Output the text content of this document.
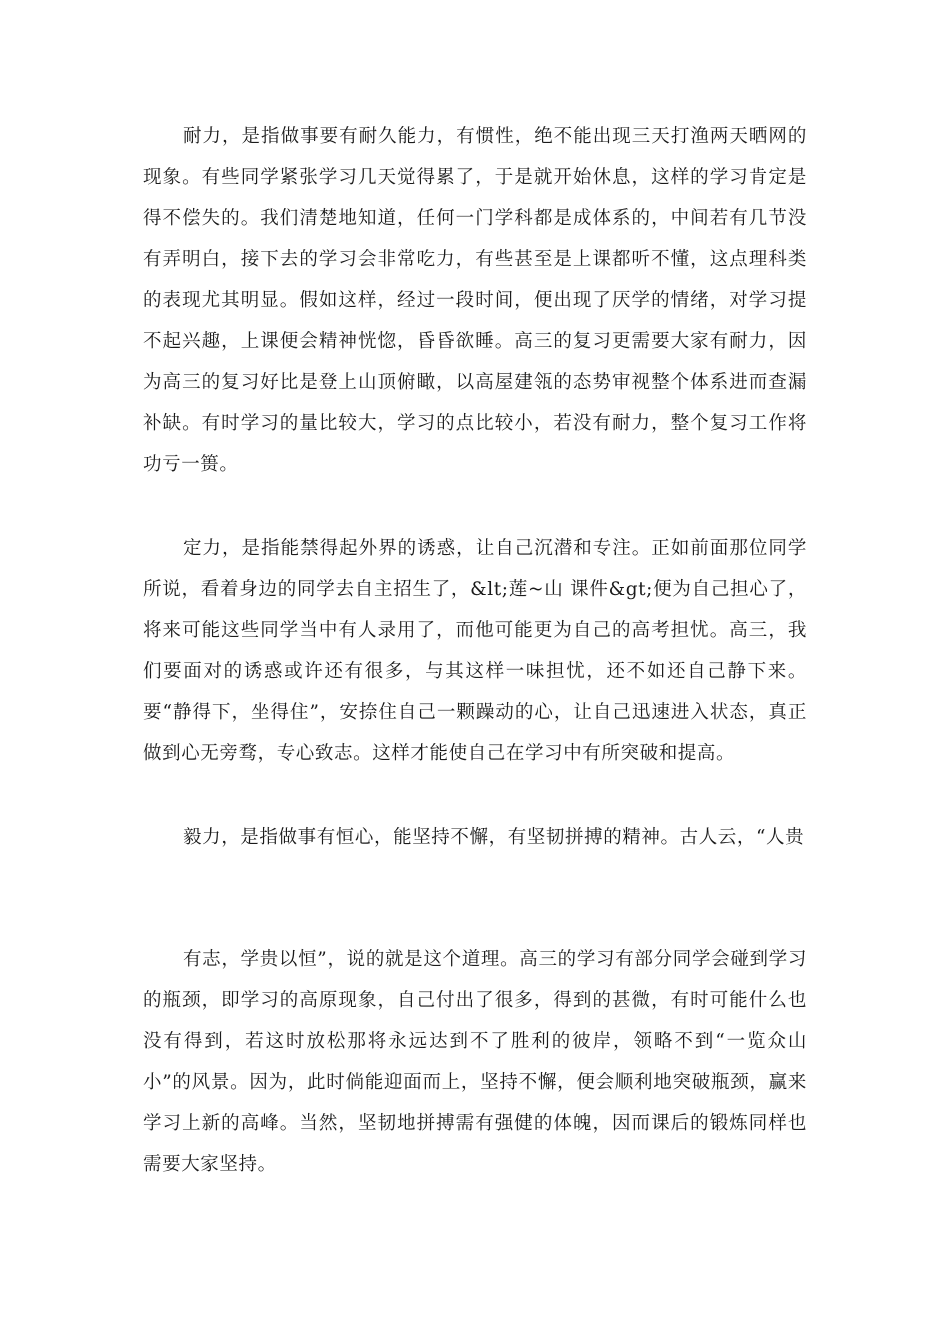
耐力，是指做事要有耐久能力，有惯性，绝不能出现三天打渔两天晒网的现象。有些同学紧张学习几天觉得累了，于是就开始休息，这样的学习肯定是得不偿失的。我们清楚地知道，任何一门学科都是成体系的，中间若有几节没有弄明白，接下去的学习会非常吃力，有些甚至是上课都听不懂，这点理科类的表现尤其明显。假如这样，经过一段时间，便出现了厌学的情绪，对学习提不起兴趣，上课便会精神恍惚，昏昏欲睡。高三的复习更需要大家有耐力，因为高三的复习好比是登上山顶俯瞰，以高屋建瓴的态势审视整个体系进而查漏补缺。有时学习的量比较大，学习的点比较小，若没有耐力，整个复习工作将功亏一篑。

定力，是指能禁得起外界的诱惑，让自己沉潜和专注。正如前面那位同学所说，看着身边的同学去自主招生了，&lt;莲~山 课件&gt;便为自己担心了，将来可能这些同学当中有人录用了，而他可能更为自己的高考担忧。高三，我们要面对的诱惑或许还有很多，与其这样一味担忧，还不如还自己静下来。要“静得下，坐得住”，安捺住自己一颗躁动的心，让自己迅速进入状态，真正做到心无旁骛，专心致志。这样才能使自己在学习中有所突破和提高。

毅力，是指做事有恒心，能坚持不懈，有坚韧拼搏的精神。古人云，“人贵

有志，学贵以恒”，说的就是这个道理。高三的学习有部分同学会碰到学习的瓶颈，即学习的高原现象，自己付出了很多，得到的甚微，有时可能什么也没有得到，若这时放松那将永远达到不了胜利的彼岸，领略不到“一览众山小”的风景。因为，此时倘能迎面而上，坚持不懈，便会顺利地突破瓶颈，赢来学习上新的高峰。当然，坚韧地拼搏需有强健的体魄，因而课后的锻炼同样也需要大家坚持。
